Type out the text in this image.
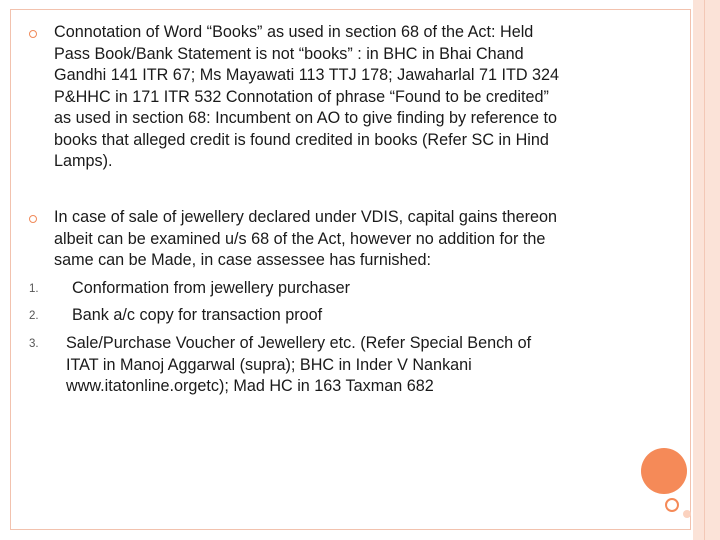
Connotation of Word “Books” as used in section 68 of the Act: Held
Pass Book/Bank Statement is not “books” : in BHC in Bhai Chand
Gandhi 141 ITR 67; Ms Mayawati 113 TTJ 178; Jawaharlal 71 ITD 324
P&HHC in 171 ITR 532 Connotation of phrase “Found to be credited”
as used in section 68: Incumbent on AO to give finding by reference to
books that alleged credit is found credited in books (Refer SC in Hind
Lamps).
In case of sale of jewellery declared under VDIS, capital gains thereon
albeit can be examined u/s 68 of the Act, however no addition for the
same can be Made, in case assessee has furnished:
1. Conformation from jewellery purchaser
2. Bank a/c copy for transaction proof
3. Sale/Purchase Voucher of Jewellery etc. (Refer Special Bench of
ITAT in Manoj Aggarwal (supra); BHC in Inder V Nankani
www.itatonline.orgetc); Mad HC in 163 Taxman 682
